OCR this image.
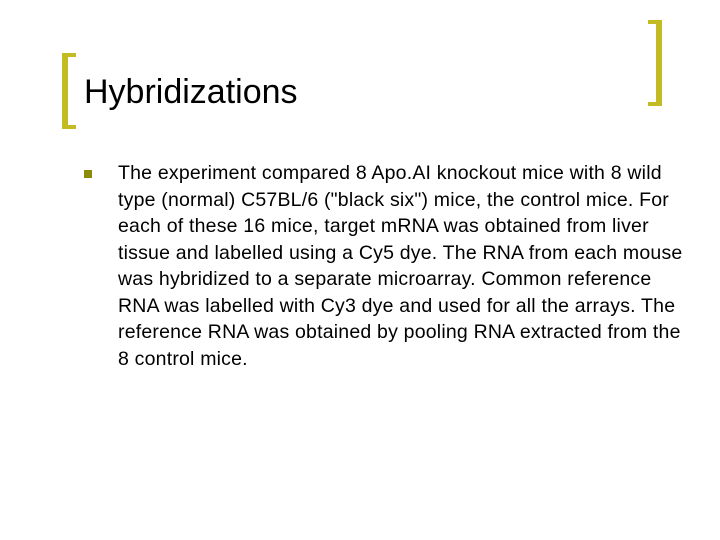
Hybridizations
The experiment compared 8 Apo.AI knockout mice with 8 wild type (normal) C57BL/6 ("black six") mice, the control mice. For each of these 16 mice, target mRNA was obtained from liver tissue and labelled using a Cy5 dye. The RNA from each mouse was hybridized to a separate microarray. Common reference RNA was labelled with Cy3 dye and used for all the arrays. The reference RNA was obtained by pooling RNA extracted from the 8 control mice.
